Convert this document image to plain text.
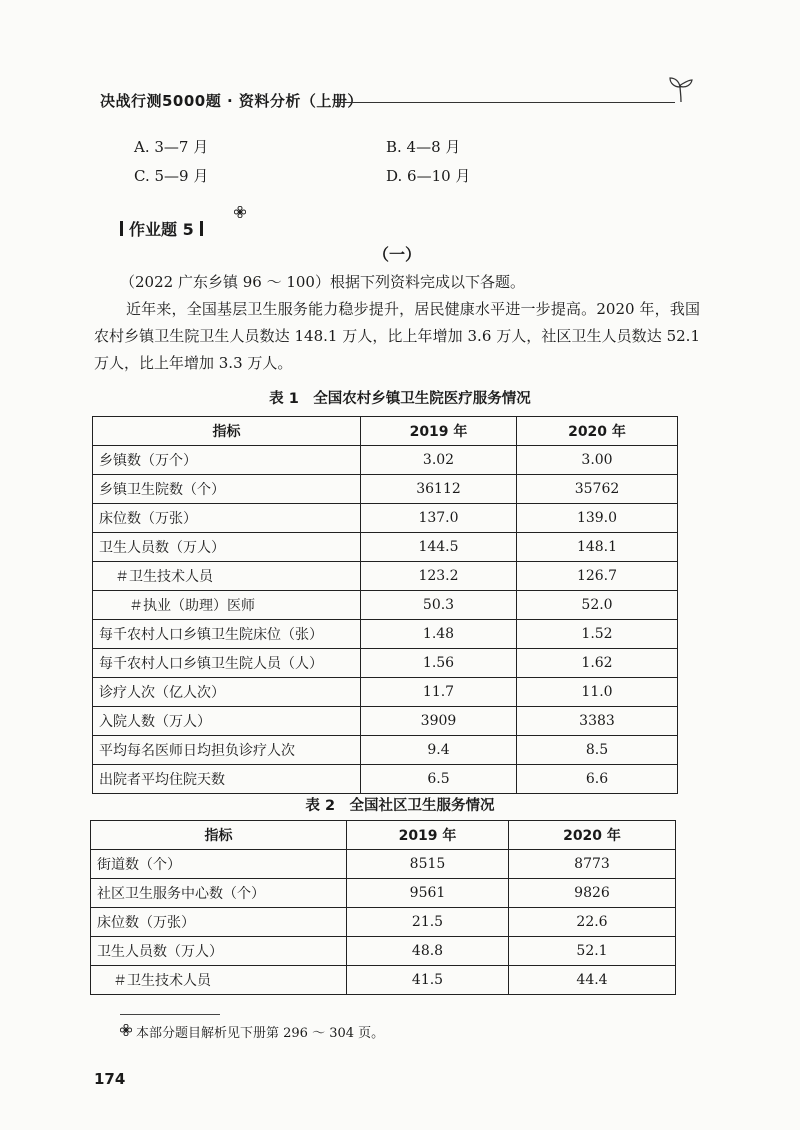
决战行测5000题 · 资料分析（上册）
A. 3—7 月	B. 4—8 月
C. 5—9 月	D. 6—10 月
作业题 5
（一）
（2022 广东乡镇 96 ～ 100）根据下列资料完成以下各题。
近年来，全国基层卫生服务能力稳步提升，居民健康水平进一步提高。2020 年，我国农村乡镇卫生院卫生人员数达 148.1 万人，比上年增加 3.6 万人，社区卫生人员数达 52.1 万人，比上年增加 3.3 万人。
表 1　全国农村乡镇卫生院医疗服务情况
指标	2019 年	2020 年
乡镇数（万个）	3.02	3.00
乡镇卫生院数（个）	36112	35762
床位数（万张）	137.0	139.0
卫生人员数（万人）	144.5	148.1
＃卫生技术人员	123.2	126.7
＃执业（助理）医师	50.3	52.0
每千农村人口乡镇卫生院床位（张）	1.48	1.52
每千农村人口乡镇卫生院人员（人）	1.56	1.62
诊疗人次（亿人次）	11.7	11.0
入院人数（万人）	3909	3383
平均每名医师日均担负诊疗人次	9.4	8.5
出院者平均住院天数	6.5	6.6
表 2　全国社区卫生服务情况
指标	2019 年	2020 年
街道数（个）	8515	8773
社区卫生服务中心数（个）	9561	9826
床位数（万张）	21.5	22.6
卫生人员数（万人）	48.8	52.1
＃卫生技术人员	41.5	44.4
本部分题目解析见下册第 296 ～ 304 页。
174
